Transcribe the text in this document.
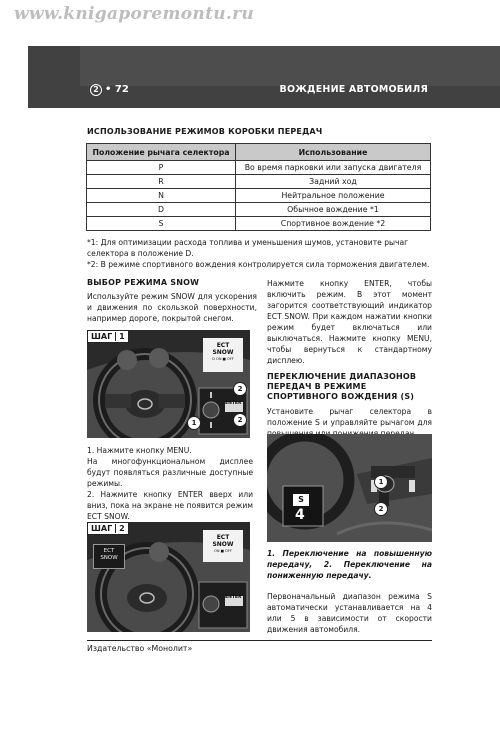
www.knigaporemontu.ru
2 • 72	ВОЖДЕНИЕ АВТОМОБИЛЯ
ИСПОЛЬЗОВАНИЕ РЕЖИМОВ КОРОБКИ ПЕРЕДАЧ
Положение рычага селектора	Использование
P	Во время парковки или запуска двигателя
R	Задний ход
N	Нейтральное положение
D	Обычное вождение *1
S	Спортивное вождение *2
*1: Для оптимизации расхода топлива и уменьшения шумов, установите рычаг селектора в положение D.
*2: В режиме спортивного вождения контролируется сила торможения двигателем.
ВЫБОР РЕЖИМА SNOW

Используйте режим SNOW для ускорения и движения по скользкой поверхности, например дороге, покрытой снегом.

ШАГ 1
ECT
SNOW
D ON ■ OFF
ENTER
2
1
2

1. Нажмите кнопку MENU.

На многофункциональном дисплее будут появляться различные доступные режимы.

2. Нажмите кнопку ENTER вверх или вниз, пока на экране не появится режим ECT SNOW.

ШАГ 2
ECT
SNOW
ECT
SNOW
ON ■ OFF
ENTER

Нажмите кнопку ENTER, чтобы включить режим. В этот момент загорится соответствующий индикатор ECT SNOW. При каждом нажатии кнопки режим будет включаться или выключаться. Нажмите кнопку MENU, чтобы вернуться к стандартному дисплею.

ПЕРЕКЛЮЧЕНИЕ ДИАПАЗОНОВ ПЕРЕДАЧ В РЕЖИМЕ СПОРТИВНОГО ВОЖДЕНИЯ (S)

Установите рычаг селектора в положение S и управляйте рычагом для

S
4
1
2

1. Переключение на повышенную передачу, 2. Переключение на пониженную передачу.

Первоначальный диапазон режима S автоматически устанавливается на 4 или 5 в зависимости от скорости движения автомобиля.

Издательство «Монолит»
